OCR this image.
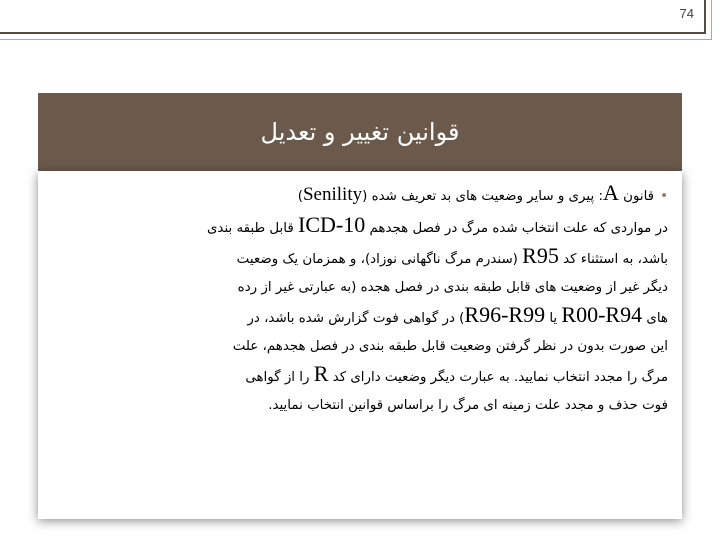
74
قوانین تغییر و تعدیل
•قانون A: پیری و سایر وضعیت های بد تعریف شده (Senility)
در مواردی که علت انتخاب شده مرگ در فصل هجدهم ICD-10 قابل طبقه بندی
باشد، به استثناء کد R95 (سندرم مرگ ناگهانی نوزاد)، و همزمان یک وضعیت
دیگر غیر از وضعیت های قابل طبقه بندی در فصل هجده (به عبارتی غیر از رده
های R00-R94 یا R96-R99) در گواهی فوت گزارش شده باشد، در
این صورت بدون در نظر گرفتن وضعیت قابل طبقه بندی در فصل هجدهم، علت
مرگ را مجدد انتخاب نمایید. به عبارت دیگر وضعیت دارای کد R را از گواهی
فوت حذف و مجدد علت زمینه ای مرگ را براساس قوانین انتخاب نمایید.
